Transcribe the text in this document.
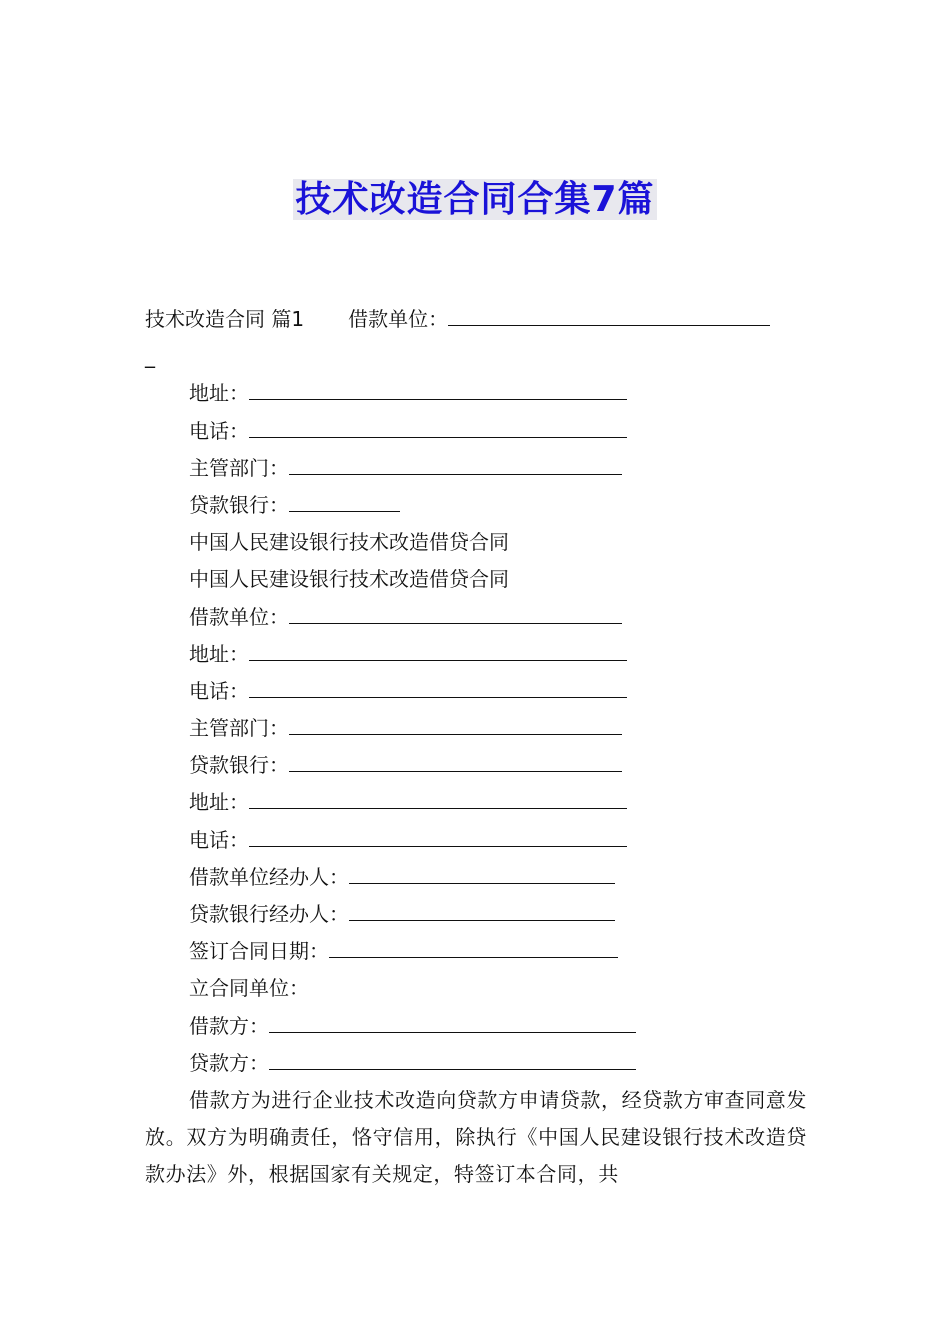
技术改造合同合集7篇
技术改造合同 篇1 借款单位：
_
地址：
电话：
主管部门：
贷款银行：
中国人民建设银行技术改造借贷合同
中国人民建设银行技术改造借贷合同
借款单位：
地址：
电话：
主管部门：
贷款银行：
地址：
电话：
借款单位经办人：
贷款银行经办人：
签订合同日期：
立合同单位：
借款方：
贷款方：
借款方为进行企业技术改造向贷款方申请贷款，经贷款方审查同意发放。双方为明确责任，恪守信用，除执行《中国人民建设银行技术改造贷款办法》外，根据国家有关规定，特签订本合同，共
